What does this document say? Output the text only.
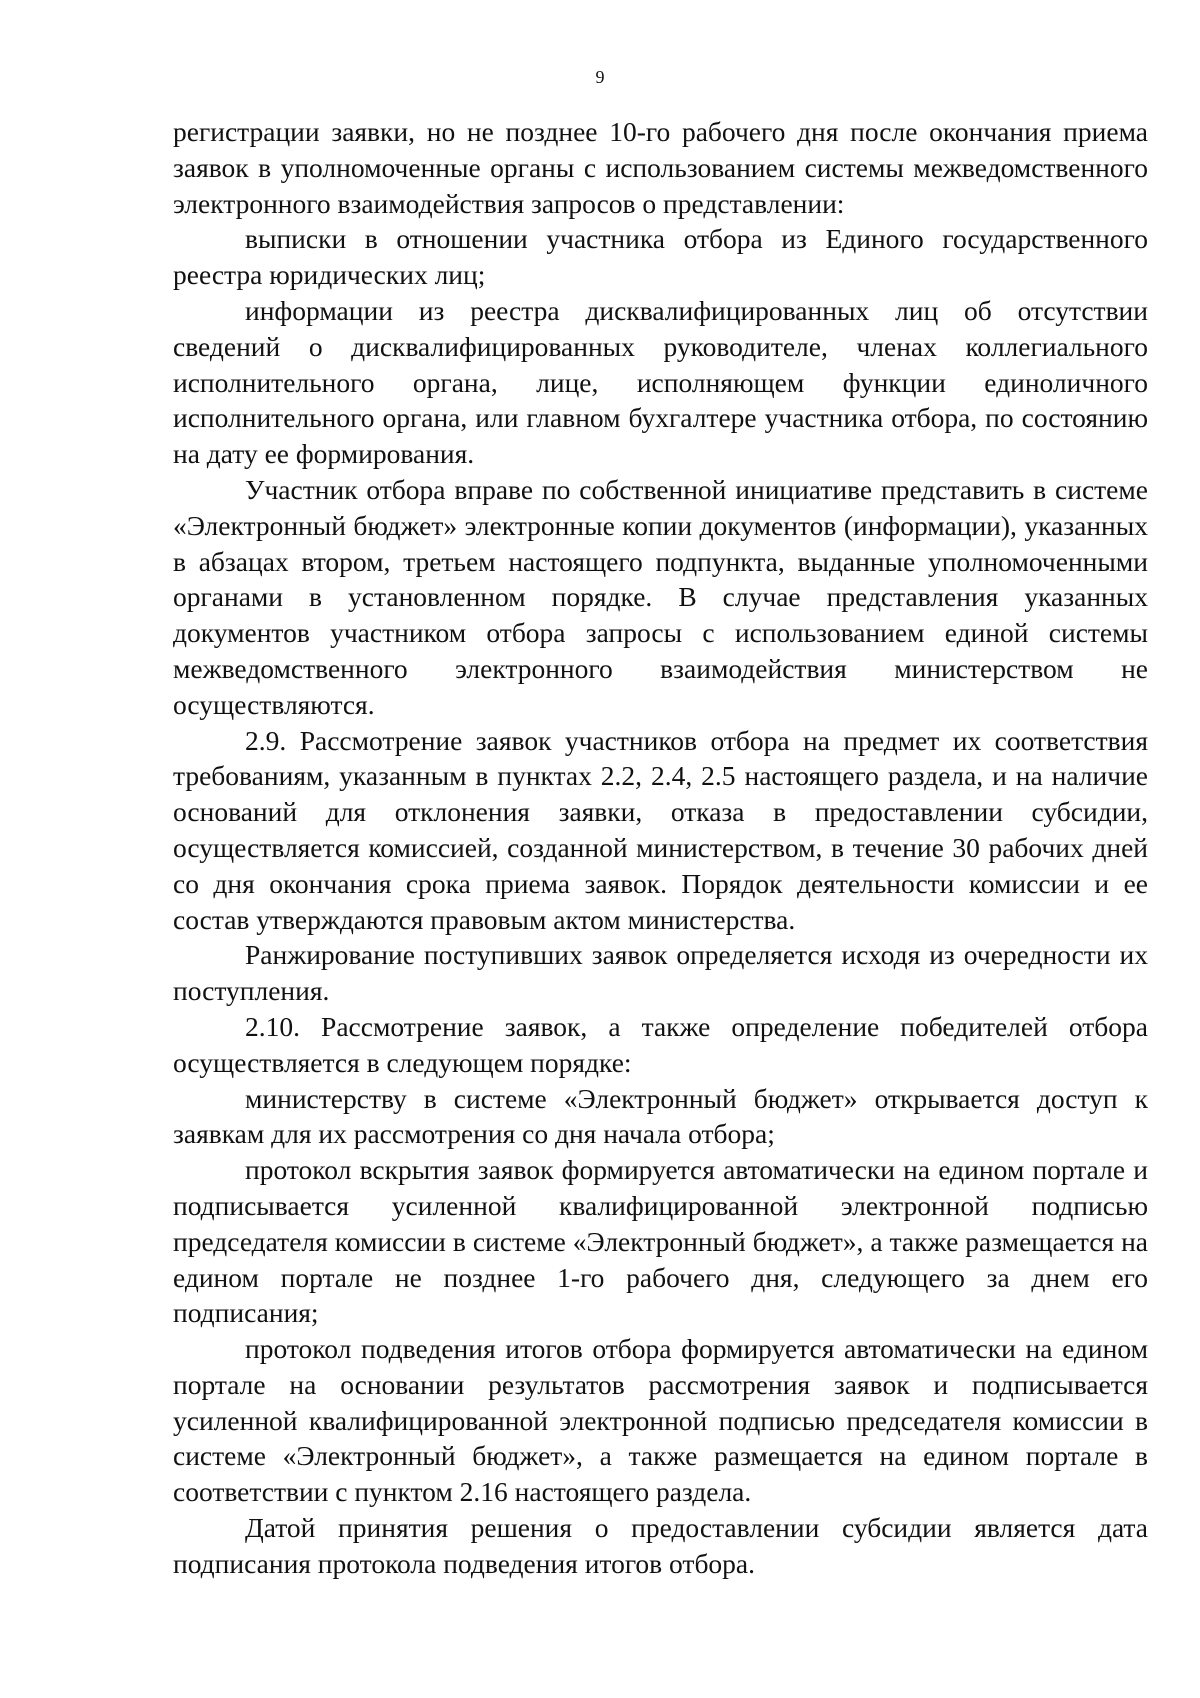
9

регистрации заявки, но не позднее 10-го рабочего дня после окончания приема заявок в уполномоченные органы с использованием системы межведомственного электронного взаимодействия запросов о представлении:

выписки в отношении участника отбора из Единого государственного реестра юридических лиц;

информации из реестра дисквалифицированных лиц об отсутствии сведений о дисквалифицированных руководителе, членах коллегиального исполнительного органа, лице, исполняющем функции единоличного исполнительного органа, или главном бухгалтере участника отбора, по состоянию на дату ее формирования.

Участник отбора вправе по собственной инициативе представить в системе «Электронный бюджет» электронные копии документов (информации), указанных в абзацах втором, третьем настоящего подпункта, выданные уполномоченными органами в установленном порядке. В случае представления указанных документов участником отбора запросы с использованием единой системы межведомственного электронного взаимодействия министерством не осуществляются.

2.9. Рассмотрение заявок участников отбора на предмет их соответствия требованиям, указанным в пунктах 2.2, 2.4, 2.5 настоящего раздела, и на наличие оснований для отклонения заявки, отказа в предоставлении субсидии, осуществляется комиссией, созданной министерством, в течение 30 рабочих дней со дня окончания срока приема заявок. Порядок деятельности комиссии и ее состав утверждаются правовым актом министерства.

Ранжирование поступивших заявок определяется исходя из очередности их поступления.

2.10. Рассмотрение заявок, а также определение победителей отбора осуществляется в следующем порядке:

министерству в системе «Электронный бюджет» открывается доступ к заявкам для их рассмотрения со дня начала отбора;

протокол вскрытия заявок формируется автоматически на едином портале и подписывается усиленной квалифицированной электронной подписью председателя комиссии в системе «Электронный бюджет», а также размещается на едином портале не позднее 1-го рабочего дня, следующего за днем его подписания;

протокол подведения итогов отбора формируется автоматически на едином портале на основании результатов рассмотрения заявок и подписывается усиленной квалифицированной электронной подписью председателя комиссии в системе «Электронный бюджет», а также размещается на едином портале в соответствии с пунктом 2.16 настоящего раздела.

Датой принятия решения о предоставлении субсидии является дата подписания протокола подведения итогов отбора.
